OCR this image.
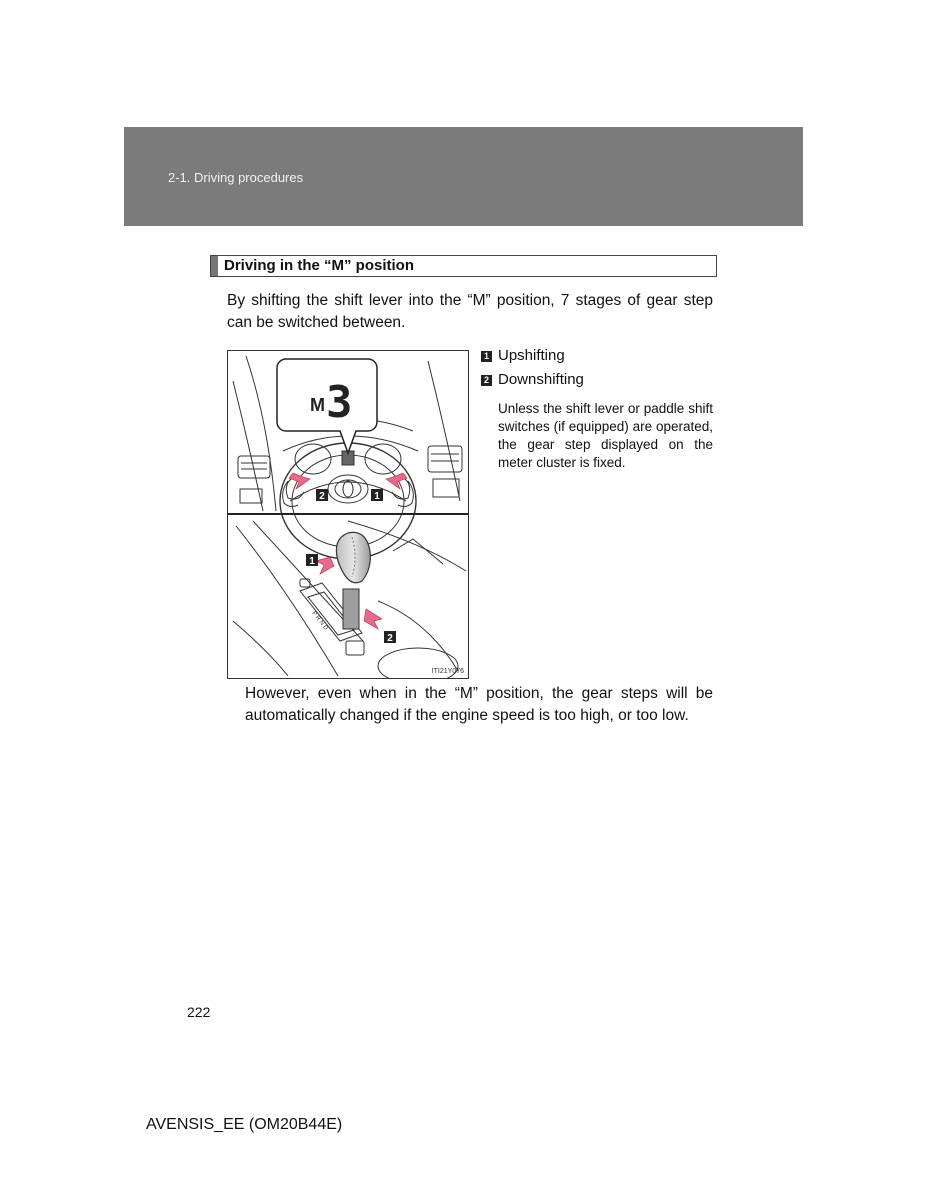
2-1. Driving procedures
Driving in the “M” position
By shifting the shift lever into the “M” position, 7 stages of gear step can be switched between.
M 3
2	1
P R N D
1
2
ITI21Y076
1 Upshifting
2 Downshifting
Unless the shift lever or paddle shift switches (if equipped) are operated, the gear step displayed on the meter cluster is fixed.
However, even when in the “M” position, the gear steps will be automatically changed if the engine speed is too high, or too low.
222
AVENSIS_EE (OM20B44E)
